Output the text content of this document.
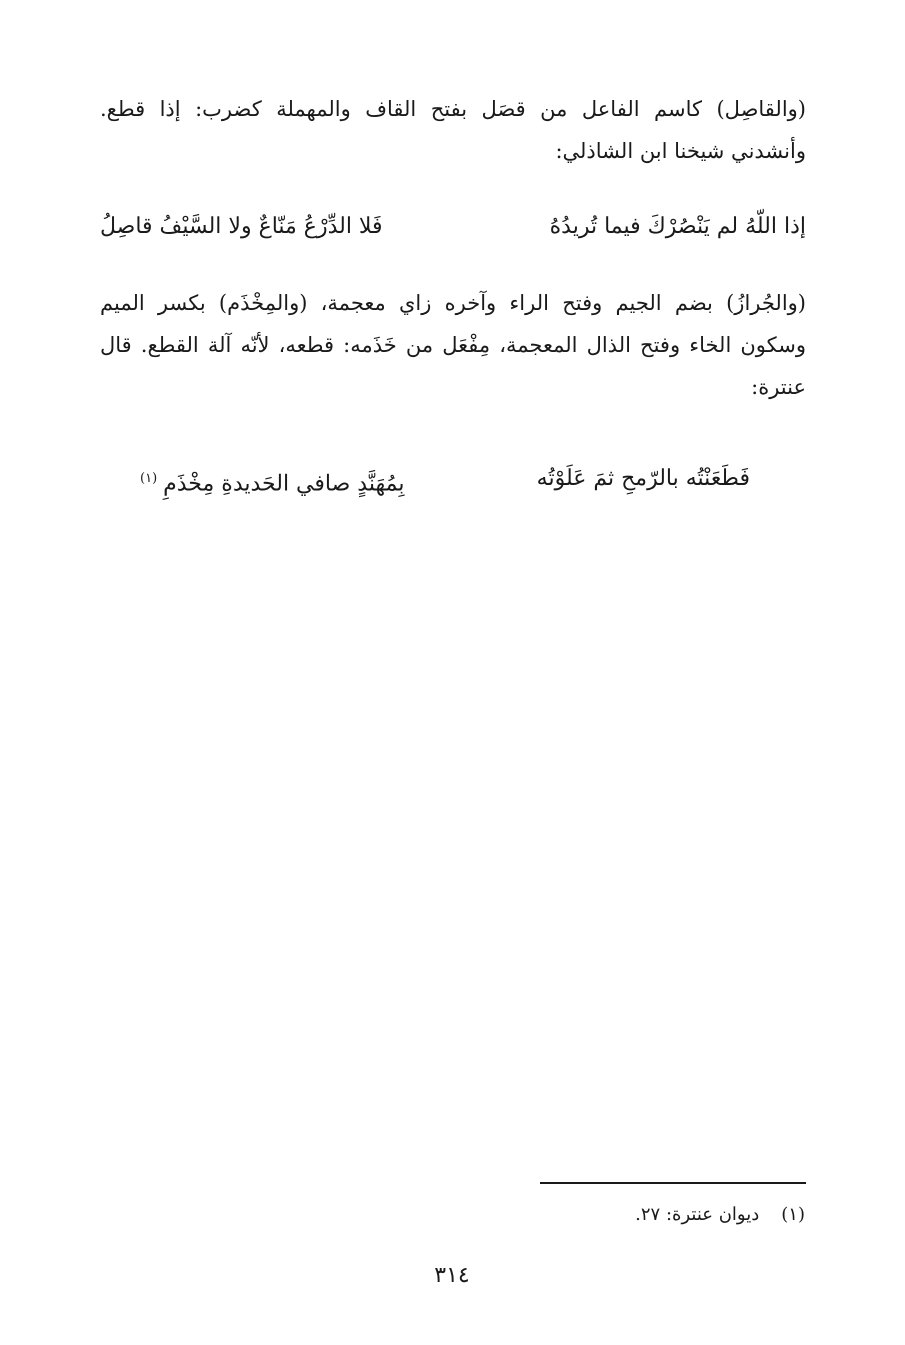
(والقاصِل) كاسم الفاعل من قصَل بفتح القاف والمهملة كضرب: إذا قطع. وأنشدني شيخنا ابن الشاذلي:

إذا اللّهُ لم يَنْصُرْكَ فيما تُريدُهُ
فَلا الدِّرْعُ مَنّاعٌ ولا السَّيْفُ قاصِلُ

(والجُرازُ) بضم الجيم وفتح الراء وآخره زاي معجمة، (والمِخْذَم) بكسر الميم وسكون الخاء وفتح الذال المعجمة، مِفْعَل من خَذَمه: قطعه، لأنّه آلة القطع. قال عنترة:

فَطَعَنْتُه بالرّمحِ ثمَ عَلَوْتُه
بِمُهَنَّدٍ صافي الحَديدةِ مِخْذَمِ$^{(١)}$
(١)ديوان عنترة: ٢٧.
٣١٤
